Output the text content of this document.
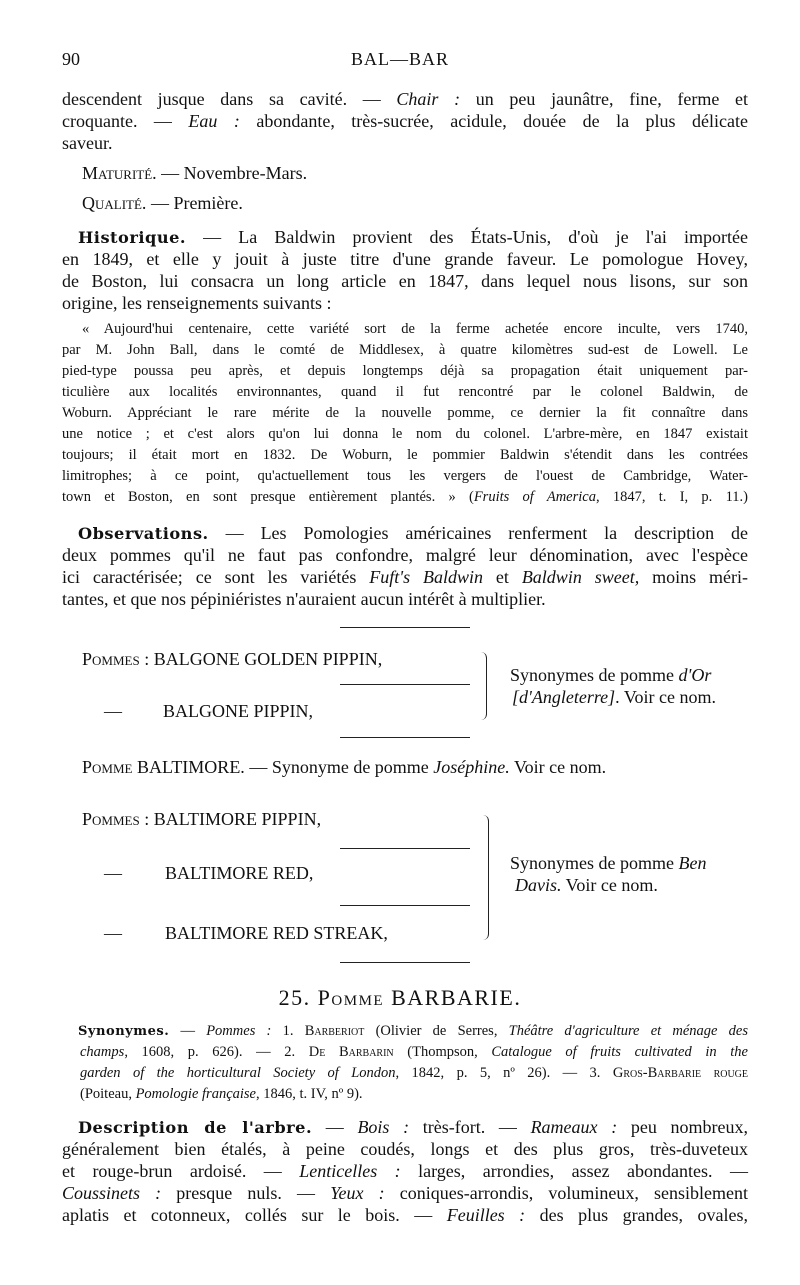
90	BAL—BAR
descendent jusque dans sa cavité. — Chair : un peu jaunâtre, fine, ferme et
croquante. — Eau : abondante, très-sucrée, acidule, douée de la plus délicate
saveur.
Maturité. — Novembre-Mars.
Qualité. — Première.
Historique. — La Baldwin provient des États-Unis, d'où je l'ai importée
en 1849, et elle y jouit à juste titre d'une grande faveur. Le pomologue Hovey,
de Boston, lui consacra un long article en 1847, dans lequel nous lisons, sur son
origine, les renseignements suivants :
« Aujourd'hui centenaire, cette variété sort de la ferme achetée encore inculte, vers 1740,
par M. John Ball, dans le comté de Middlesex, à quatre kilomètres sud-est de Lowell. Le
pied-type poussa peu après, et depuis longtemps déjà sa propagation était uniquement par-
ticulière aux localités environnantes, quand il fut rencontré par le colonel Baldwin, de
Woburn. Appréciant le rare mérite de la nouvelle pomme, ce dernier la fit connaître dans
une notice ; et c'est alors qu'on lui donna le nom du colonel. L'arbre-mère, en 1847 existait
toujours; il était mort en 1832. De Woburn, le pommier Baldwin s'étendit dans les contrées
limitrophes; à ce point, qu'actuellement tous les vergers de l'ouest de Cambridge, Water-
town et Boston, en sont presque entièrement plantés. » (Fruits of America, 1847, t. I, p. 11.)
Observations. — Les Pomologies américaines renferment la description de
deux pommes qu'il ne faut pas confondre, malgré leur dénomination, avec l'espèce
ici caractérisée; ce sont les variétés Fuft's Baldwin et Baldwin sweet, moins méri-
tantes, et que nos pépiniéristes n'auraient aucun intérêt à multiplier.
Synonymes. — Pommes : 1. Barberiot (Olivier de Serres, Théâtre d'agriculture et ménage des
champs, 1608, p. 626). — 2. De Barbarin (Thompson, Catalogue of fruits cultivated in the
garden of the horticultural Society of London, 1842, p. 5, nº 26). — 3. Gros-Barbarie rouge
(Poiteau, Pomologie française, 1846, t. IV, nº 9).
Description de l'arbre. — Bois : très-fort. — Rameaux : peu nombreux,
généralement bien étalés, à peine coudés, longs et des plus gros, très-duveteux
et rouge-brun ardoisé. — Lenticelles : larges, arrondies, assez abondantes. —
Coussinets : presque nuls. — Yeux : coniques-arrondis, volumineux, sensiblement
aplatis et cotonneux, collés sur le bois. — Feuilles : des plus grandes, ovales,
Pommes : BALGONE GOLDEN PIPPIN,
— BALGONE PIPPIN,
Synonymes de pomme d'Or
[d'Angleterre]. Voir ce nom.
Pomme BALTIMORE. — Synonyme de pomme Joséphine. Voir ce nom.
Pommes : BALTIMORE PIPPIN,
— BALTIMORE RED,
— BALTIMORE RED STREAK,
Synonymes de pomme Ben
Davis. Voir ce nom.
25. Pomme BARBARIE.
